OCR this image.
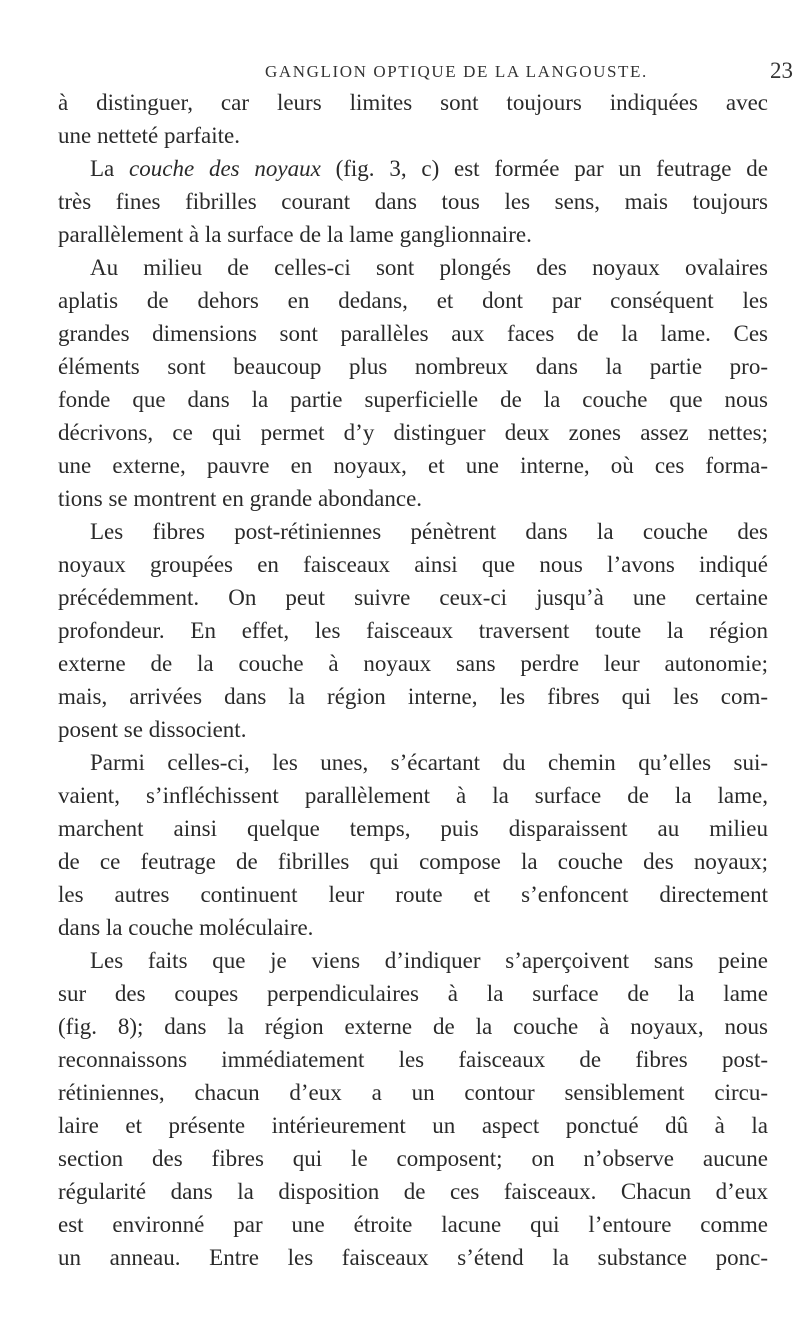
GANGLION OPTIQUE DE LA LANGOUSTE.	23
à distinguer, car leurs limites sont toujours indiquées avec
une netteté parfaite.
La couche des noyaux (fig. 3, c) est formée par un feutrage de
très fines fibrilles courant dans tous les sens, mais toujours
parallèlement à la surface de la lame ganglionnaire.
Au milieu de celles-ci sont plongés des noyaux ovalaires
aplatis de dehors en dedans, et dont par conséquent les
grandes dimensions sont parallèles aux faces de la lame. Ces
éléments sont beaucoup plus nombreux dans la partie pro-
fonde que dans la partie superficielle de la couche que nous
décrivons, ce qui permet d’y distinguer deux zones assez nettes;
une externe, pauvre en noyaux, et une interne, où ces forma-
tions se montrent en grande abondance.
Les fibres post-rétiniennes pénètrent dans la couche des
noyaux groupées en faisceaux ainsi que nous l’avons indiqué
précédemment. On peut suivre ceux-ci jusqu’à une certaine
profondeur. En effet, les faisceaux traversent toute la région
externe de la couche à noyaux sans perdre leur autonomie;
mais, arrivées dans la région interne, les fibres qui les com-
posent se dissocient.
Parmi celles-ci, les unes, s’écartant du chemin qu’elles sui-
vaient, s’infléchissent parallèlement à la surface de la lame,
marchent ainsi quelque temps, puis disparaissent au milieu
de ce feutrage de fibrilles qui compose la couche des noyaux;
les autres continuent leur route et s’enfoncent directement
dans la couche moléculaire.
Les faits que je viens d’indiquer s’aperçoivent sans peine
sur des coupes perpendiculaires à la surface de la lame
(fig. 8); dans la région externe de la couche à noyaux, nous
reconnaissons immédiatement les faisceaux de fibres post-
rétiniennes, chacun d’eux a un contour sensiblement circu-
laire et présente intérieurement un aspect ponctué dû à la
section des fibres qui le composent; on n’observe aucune
régularité dans la disposition de ces faisceaux. Chacun d’eux
est environné par une étroite lacune qui l’entoure comme
un anneau. Entre les faisceaux s’étend la substance ponc-
